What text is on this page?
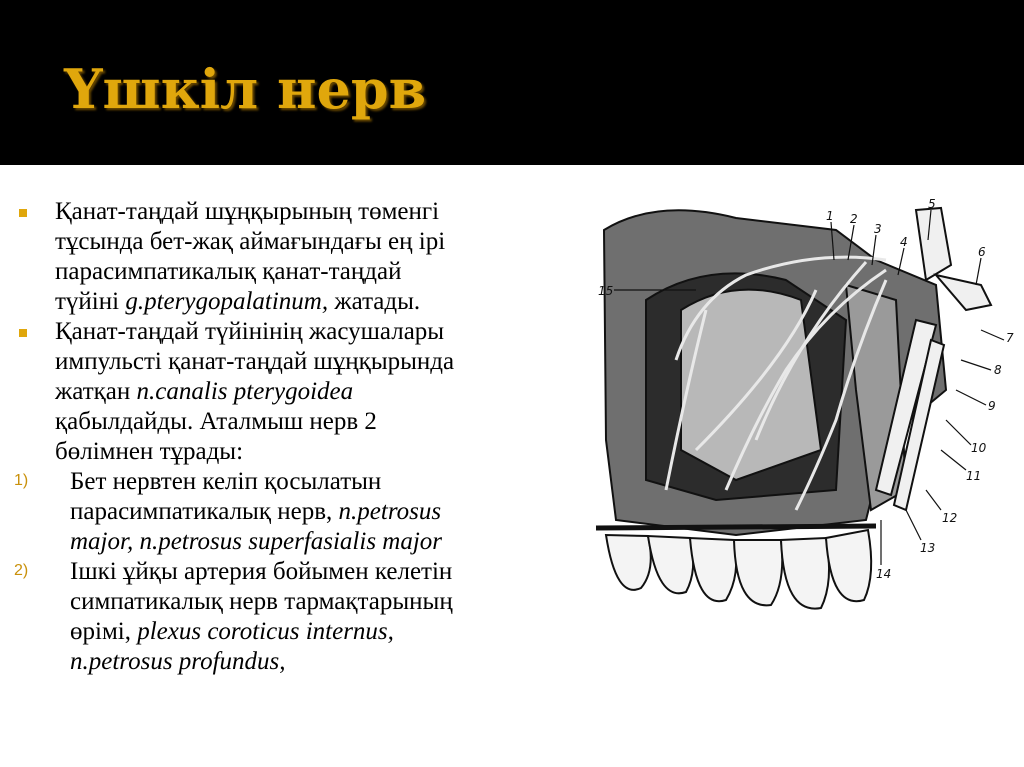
Үшкіл нерв
Қанат-таңдай шұңқырының төменгі
тұсында бет-жақ аймағындағы ең ірі
парасимпатикалық қанат-таңдай
түйіні g.pterygopalatinum, жатады.
Қанат-таңдай түйінінің жасушалары
импульсті қанат-таңдай шұңқырында
жатқан n.canalis pterygoidea
қабылдайды. Аталмыш нерв 2
бөлімнен тұрады:
1) Бет нервтен келіп қосылатын
парасимпатикалық нерв, n.petrosus
major, n.petrosus superfasialis major
2) Ішкі ұйқы артерия бойымен келетін
симпатикалық нерв тармақтарының
өрімі, plexus coroticus internus,
n.petrosus profundus,
15
1 2
3
4
5
6
7
8
9
10
11
12
13
14
